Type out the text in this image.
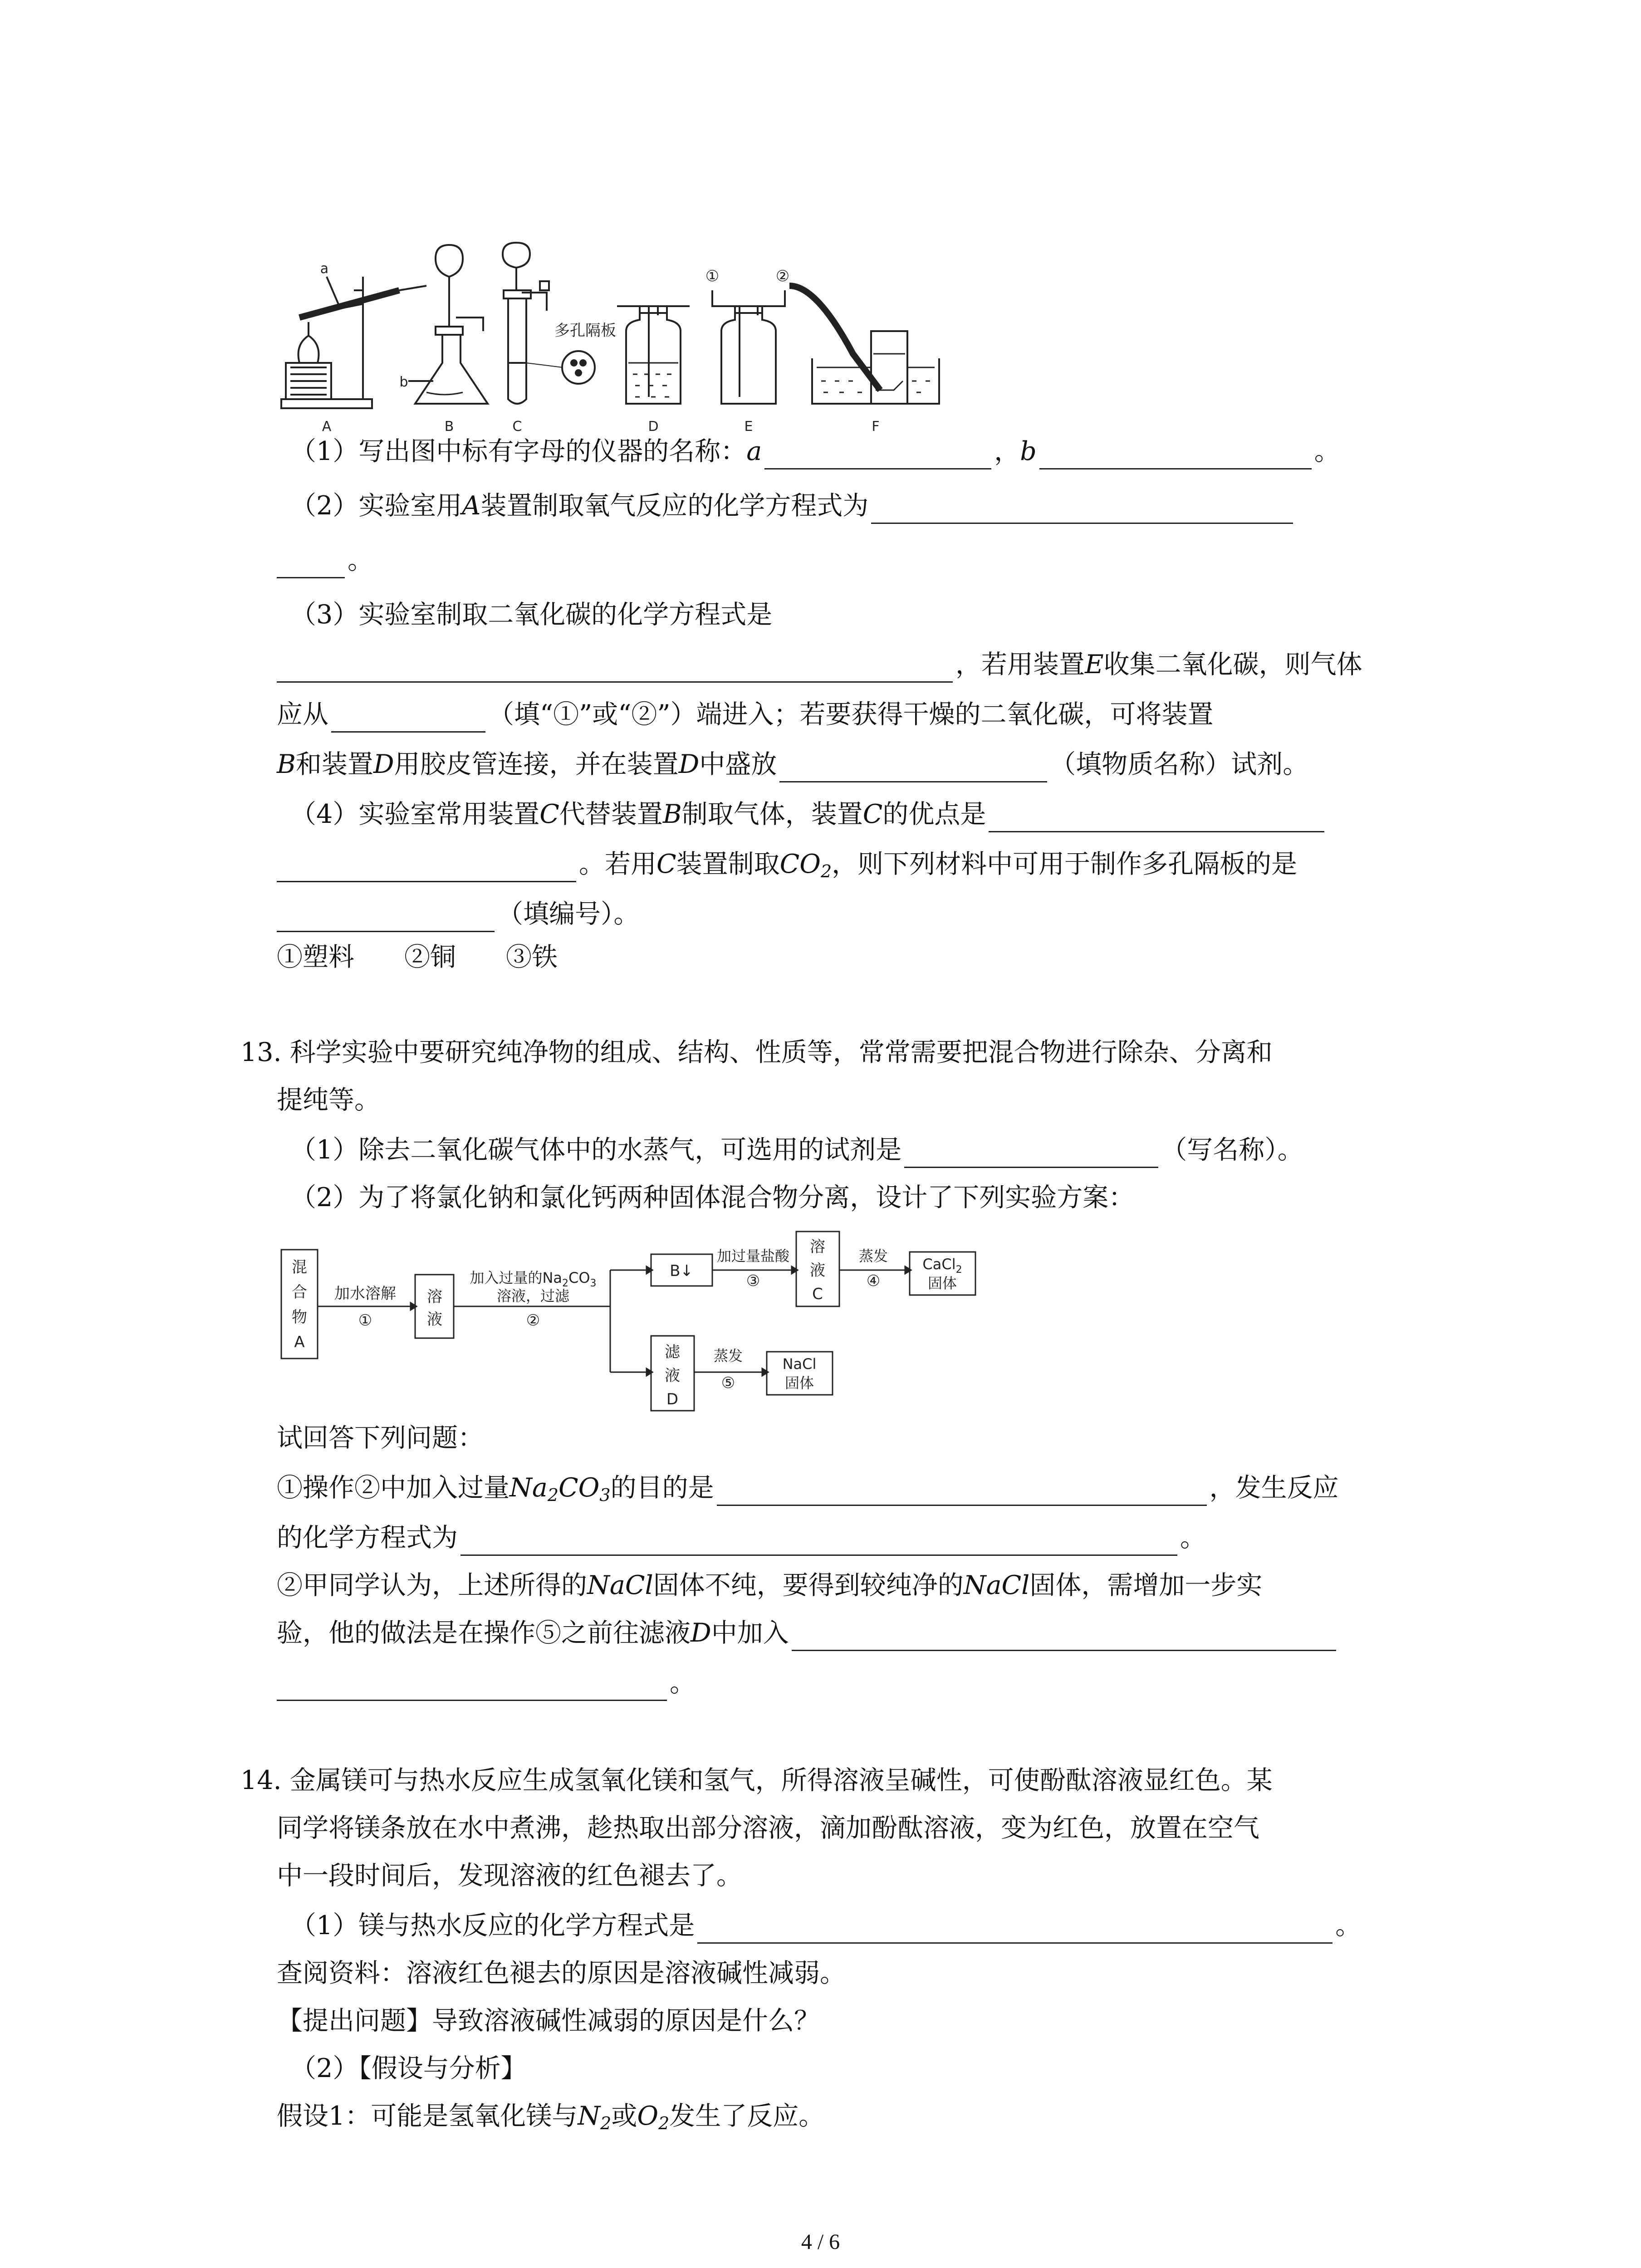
A	B	C	D	E	F
a
b
多孔隔板
①	②
（1）写出图中标有字母的仪器的名称：a	，b	。
（2）实验室用A装置制取氧气反应的化学方程式为
。
（3）实验室制取二氧化碳的化学方程式是
，若用装置E收集二氧化碳，则气体
应从	（填“①”或“②”）端进入；若要获得干燥的二氧化碳，可将装置
B和装置D用胶皮管连接，并在装置D中盛放	（填物质名称）试剂。
（4）实验室常用装置C代替装置B制取气体，装置C的优点是
。若用C装置制取$CO_2$，则下列材料中可用于制作多孔隔板的是
（填编号）。
①塑料 ②铜 ③铁
13. 科学实验中要研究纯净物的组成、结构、性质等，常常需要把混合物进行除杂、分离和
提纯等。
（1）除去二氧化碳气体中的水蒸气，可选用的试剂是	（写名称）。
（2）为了将氯化钠和氯化钙两种固体混合物分离，设计了下列实验方案：
混
合
物
A
加水溶解
①
溶
液
加入过量的$Na_2CO_3$
溶液，过滤
②
B↓
加过量盐酸
③
溶
液
C
蒸发
④
CaCl$_2$
固体
滤
液
D
蒸发
⑤
NaCl
固体
试回答下列问题：
①操作②中加入过量$Na_2CO_3$的目的是	，发生反应
的化学方程式为	。
②甲同学认为，上述所得的NaCl固体不纯，要得到较纯净的NaCl固体，需增加一步实
验，他的做法是在操作⑤之前往滤液D中加入
。
14. 金属镁可与热水反应生成氢氧化镁和氢气，所得溶液呈碱性，可使酚酞溶液显红色。某
同学将镁条放在水中煮沸，趁热取出部分溶液，滴加酚酞溶液，变为红色，放置在空气
中一段时间后，发现溶液的红色褪去了。
（1）镁与热水反应的化学方程式是	。
查阅资料：溶液红色褪去的原因是溶液碱性减弱。
【提出问题】导致溶液碱性减弱的原因是什么？
（2）【假设与分析】
假设1：可能是氢氧化镁与$N_2$或$O_2$发生了反应。
4 / 6
